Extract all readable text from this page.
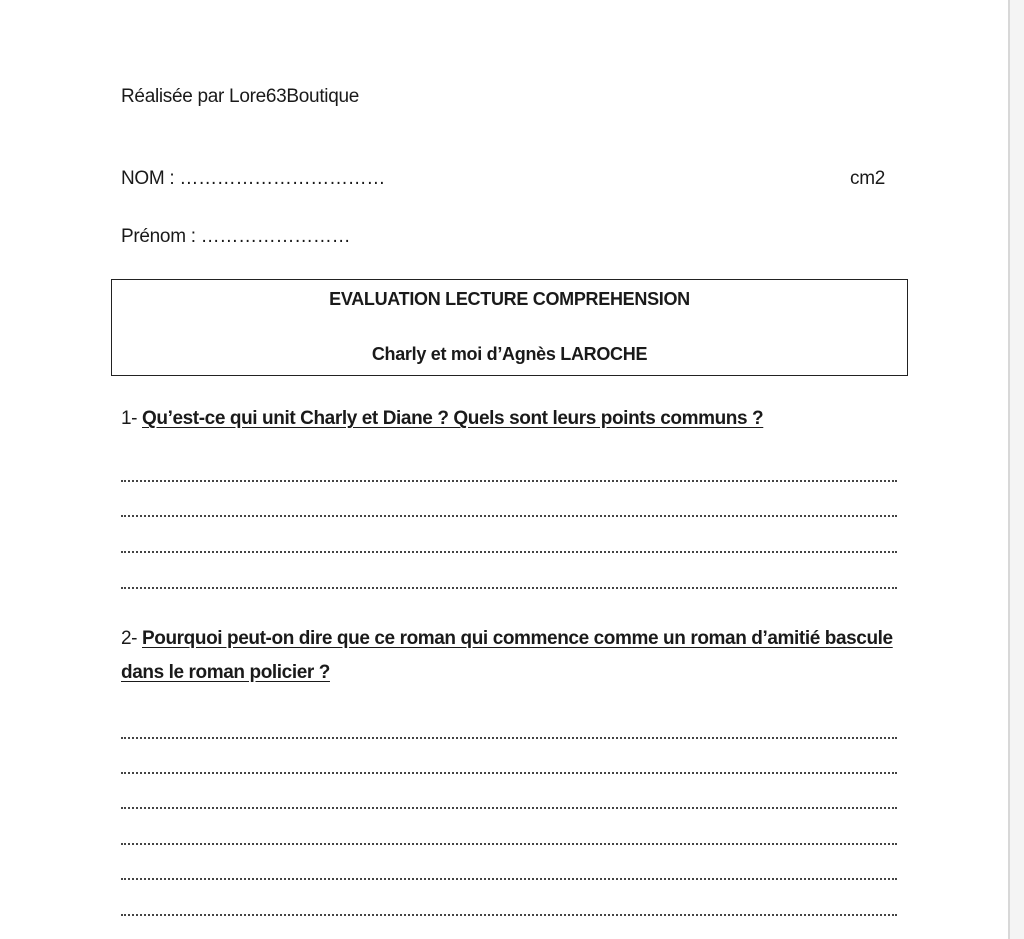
Réalisée par Lore63Boutique
NOM : ……………………………	cm2
Prénom : ……………………
EVALUATION LECTURE COMPREHENSION
Charly et moi d’Agnès LAROCHE
1- Qu’est-ce qui unit Charly et Diane ? Quels sont leurs points communs ?
2- Pourquoi peut-on dire que ce roman qui commence comme un roman d’amitié bascule dans le roman policier ?
